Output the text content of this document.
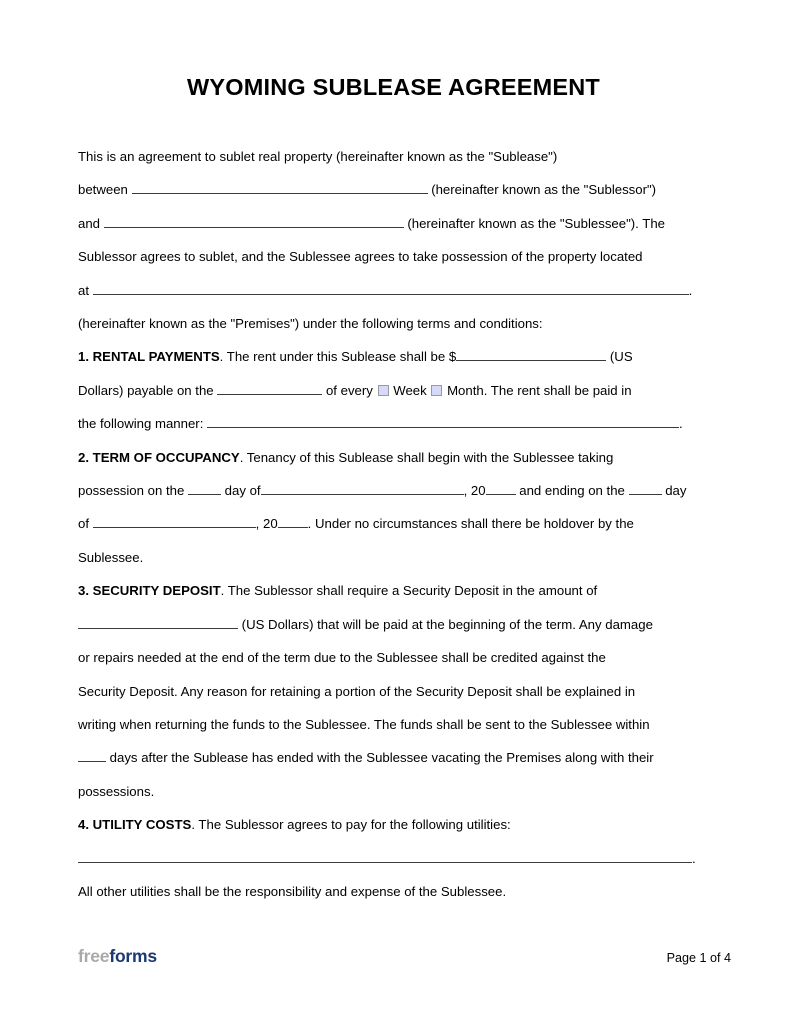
WYOMING SUBLEASE AGREEMENT

This is an agreement to sublet real property (hereinafter known as the "Sublease")

between	(hereinafter known as the "Sublessor")

and	(hereinafter known as the "Sublessee"). The

Sublessor agrees to sublet, and the Sublessee agrees to take possession of the property located

at	.

(hereinafter known as the "Premises") under the following terms and conditions:

1. RENTAL PAYMENTS. The rent under this Sublease shall be $	(US

Dollars) payable on the	of every Week Month. The rent shall be paid in

the following manner:	.

2. TERM OF OCCUPANCY. Tenancy of this Sublease shall begin with the Sublessee taking

possession on the	day of	, 20	and ending on the	day

of	, 20 . Under no circumstances shall there be holdover by the

Sublessee.

3. SECURITY DEPOSIT. The Sublessor shall require a Security Deposit in the amount of

(US Dollars) that will be paid at the beginning of the term. Any damage

or repairs needed at the end of the term due to the Sublessee shall be credited against the

Security Deposit. Any reason for retaining a portion of the Security Deposit shall be explained in

writing when returning the funds to the Sublessee. The funds shall be sent to the Sublessee within

days after the Sublease has ended with the Sublessee vacating the Premises along with their

possessions.

4. UTILITY COSTS. The Sublessor agrees to pay for the following utilities:

.

All other utilities shall be the responsibility and expense of the Sublessee.

freeforms	Page 1 of 4
